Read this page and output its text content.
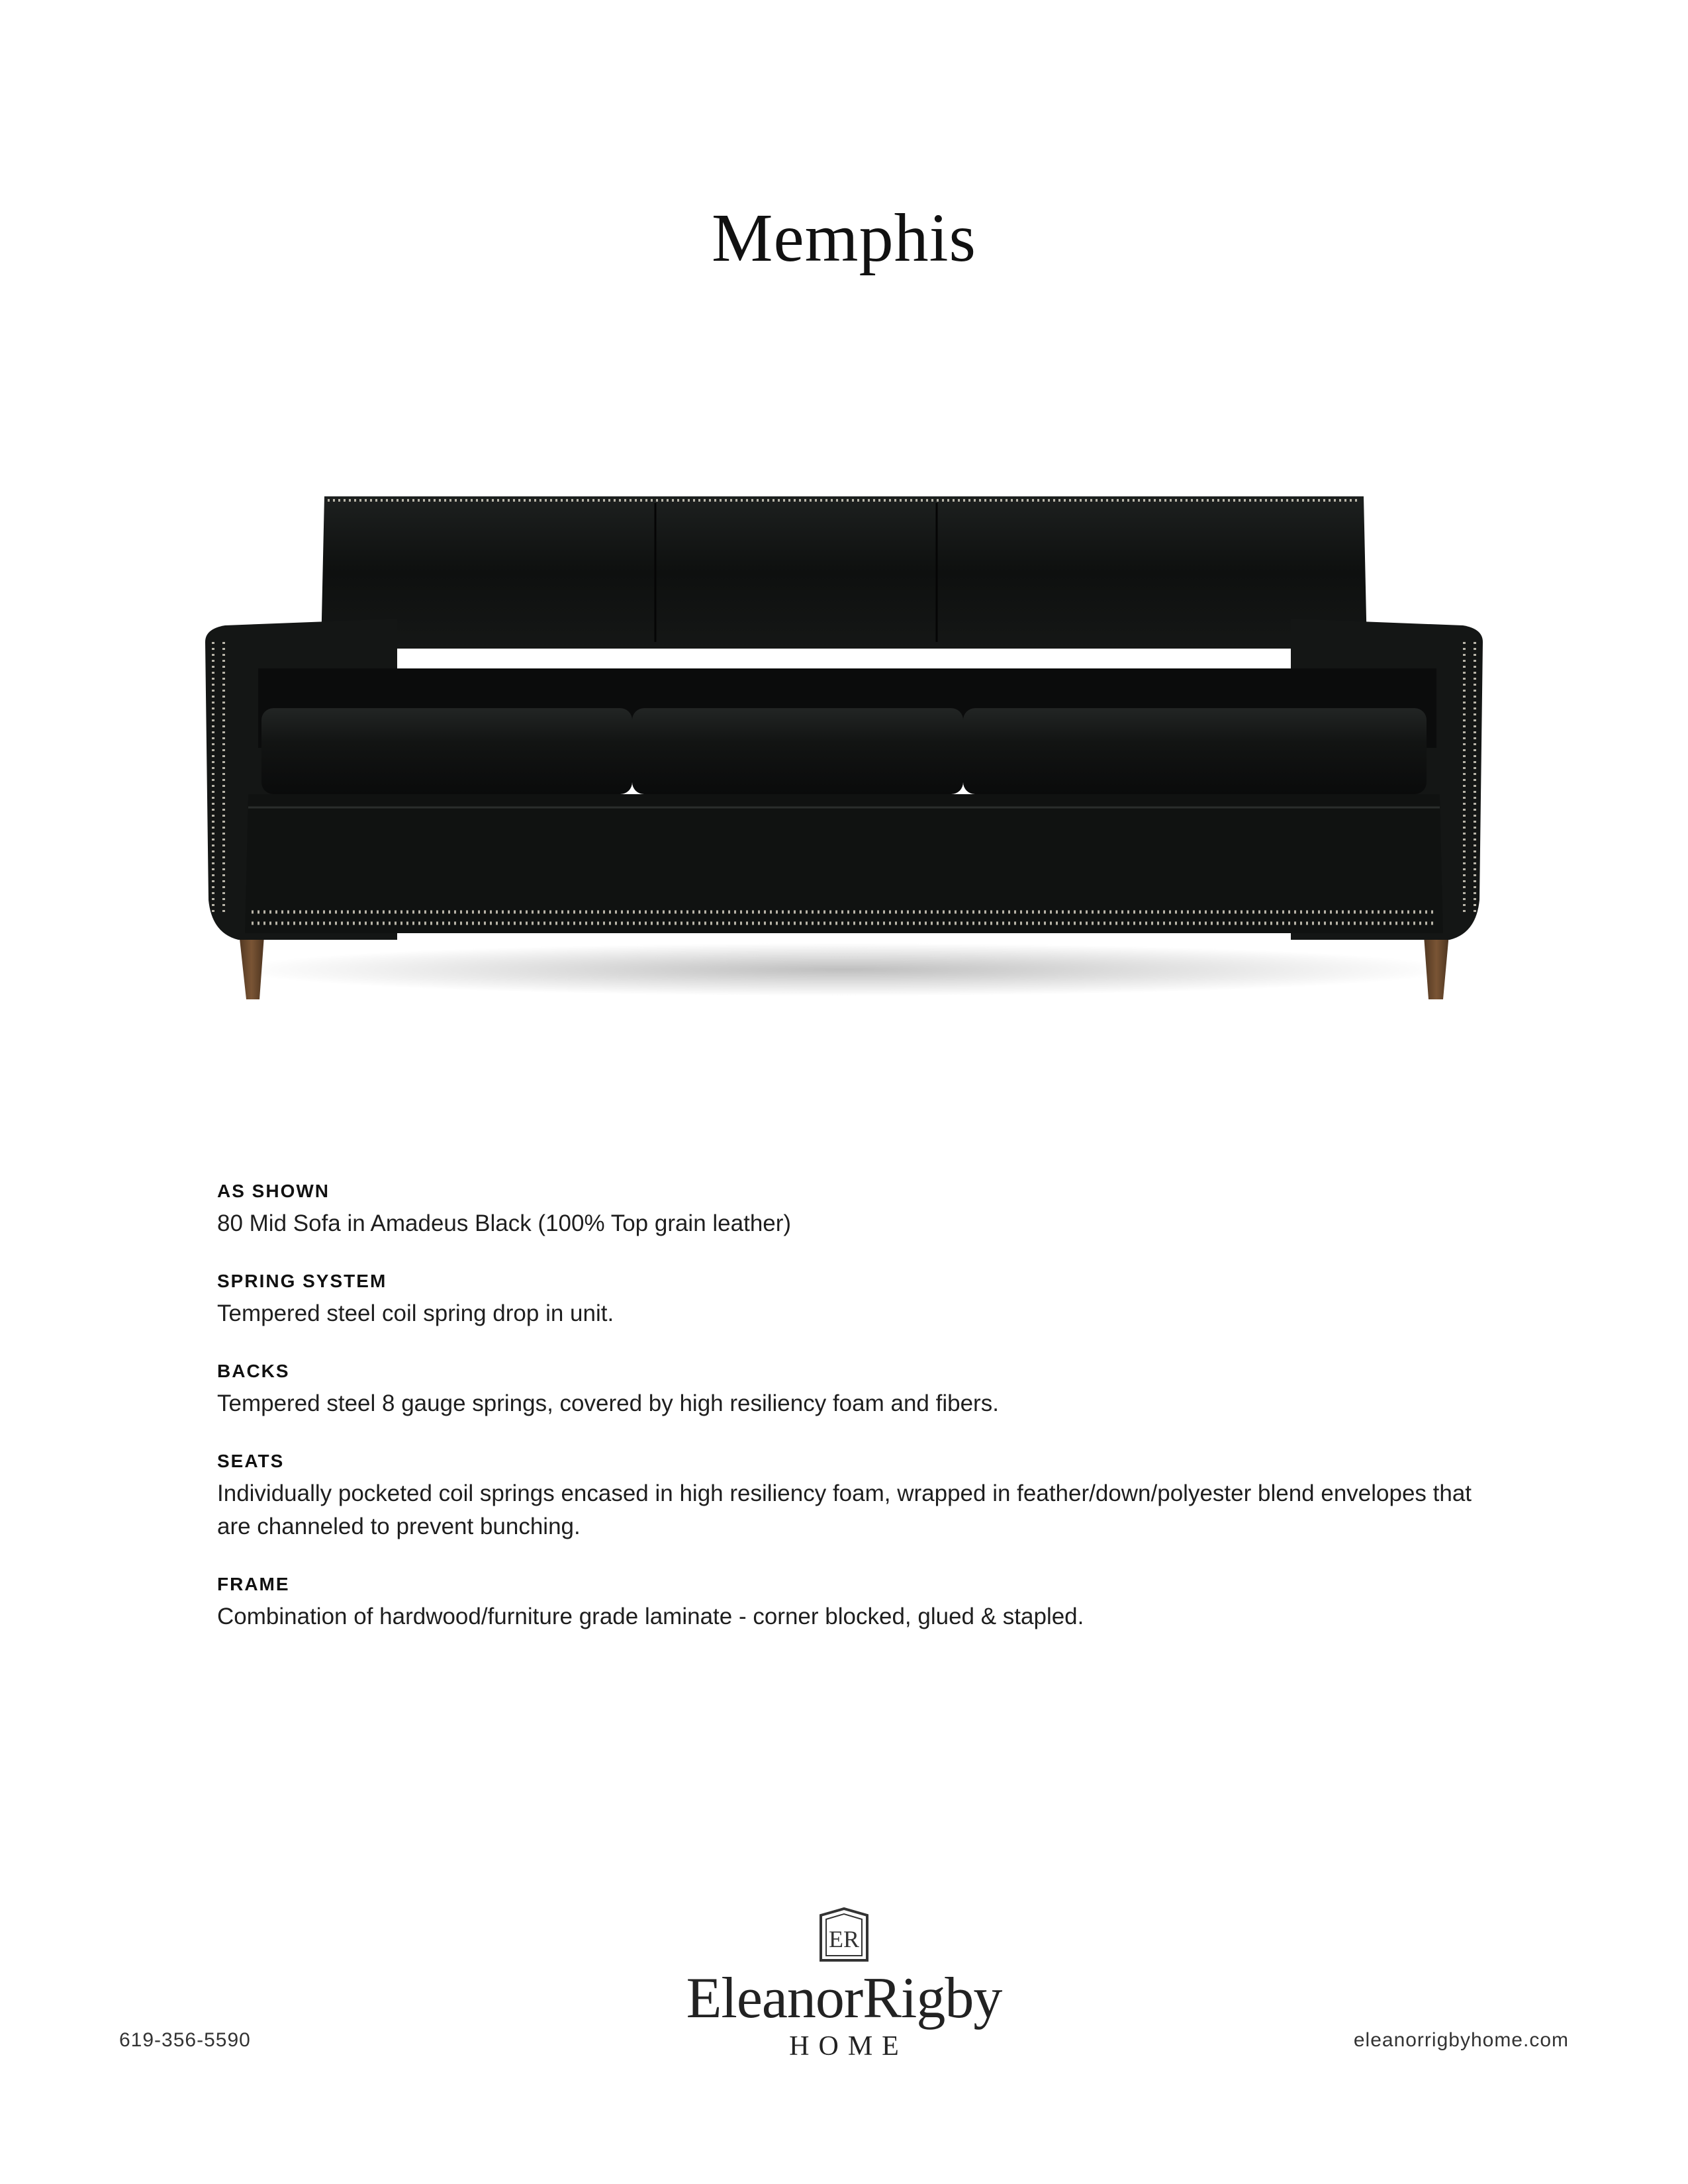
Memphis
AS SHOWN
80 Mid Sofa in Amadeus Black (100% Top grain leather)
SPRING SYSTEM
Tempered steel coil spring drop in unit.
BACKS
Tempered steel 8 gauge springs, covered by high resiliency foam and fibers.
SEATS
Individually pocketed coil springs encased in high resiliency foam, wrapped in feather/down/polyester blend envelopes that are channeled to prevent bunching.
FRAME
Combination of hardwood/furniture grade laminate - corner blocked, glued & stapled.
619-356-5590
ER
EleanorRigby
HOME	eleanorrigbyhome.com
